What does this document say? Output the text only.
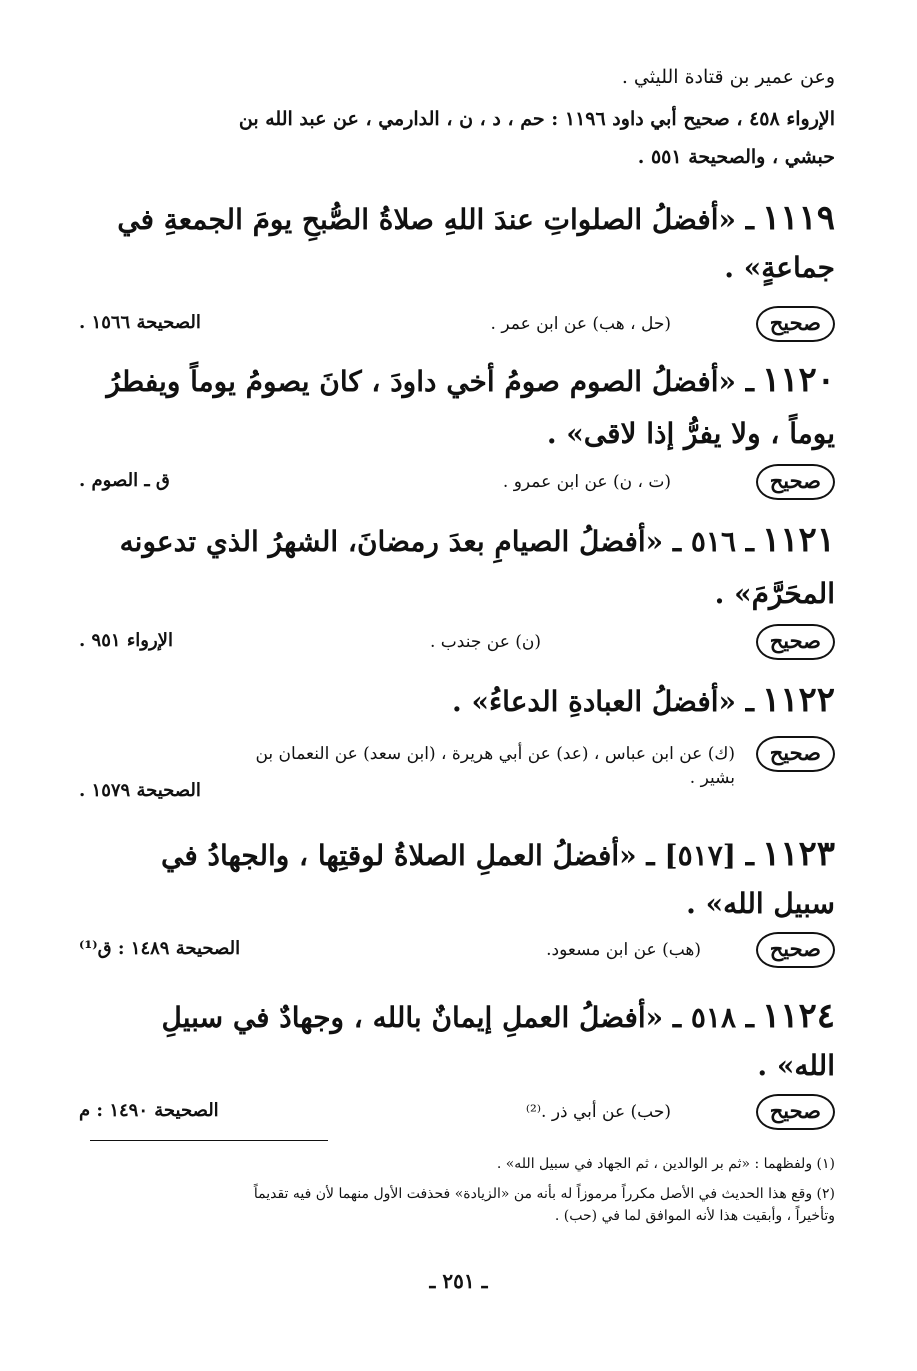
وعن عمير بن قتادة الليثي .
الإرواء ٤٥٨ ، صحيح أبي داود ١١٩٦ : حم ، د ، ن ، الدارمي ، عن عبد الله بن
حبشي ، والصحيحة ٥٥١ .
١١١٩ـ «أفضلُ الصلواتِ عندَ اللهِ صلاةُ الصُّبحِ يومَ الجمعةِ في
جماعةٍ» .
صحيح
(حل ، هب) عن ابن عمر .
الصحيحة ١٥٦٦ .
١١٢٠ـ «أفضلُ الصوم صومُ أخي داودَ ، كانَ يصومُ يوماً ويفطرُ
يوماً ، ولا يفرُّ إذا لاقى» .
صحيح
(ت ، ن) عن ابن عمرو .
ق ـ الصوم .
١١٢١ـ ٥١٦ ـ «أفضلُ الصيامِ بعدَ رمضانَ، الشهرُ الذي تدعونه
المحَرَّمَ» .
صحيح
(ن) عن جندب .
الإرواء ٩٥١ .
١١٢٢ـ «أفضلُ العبادةِ الدعاءُ» .
صحيح
(ك) عن ابن عباس ، (عد) عن أبي هريرة ، (ابن سعد) عن النعمان بن
بشير .
الصحيحة ١٥٧٩ .
١١٢٣ـ [٥١٧] ـ «أفضلُ العملِ الصلاةُ لوقتِها ، والجهادُ في
سبيل الله» .
صحيح
(هب) عن ابن مسعود.
الصحيحة ١٤٨٩ : ق⁽¹⁾
١١٢٤ـ ٥١٨ ـ «أفضلُ العملِ إيمانٌ بالله ، وجهادٌ في سبيلِ
الله» .
صحيح
(حب) عن أبي ذر .⁽²⁾
الصحيحة ١٤٩٠ : م
(١) ولفظهما : «ثم بر الوالدين ، ثم الجهاد في سبيل الله» .
(٢) وقع هذا الحديث في الأصل مكرراً مرموزاً له بأنه من «الزيادة» فحذفت الأول منهما لأن فيه تقديماً
وتأخيراً ، وأبقيت هذا لأنه الموافق لما في (حب) .
ـ ٢٥١ ـ
